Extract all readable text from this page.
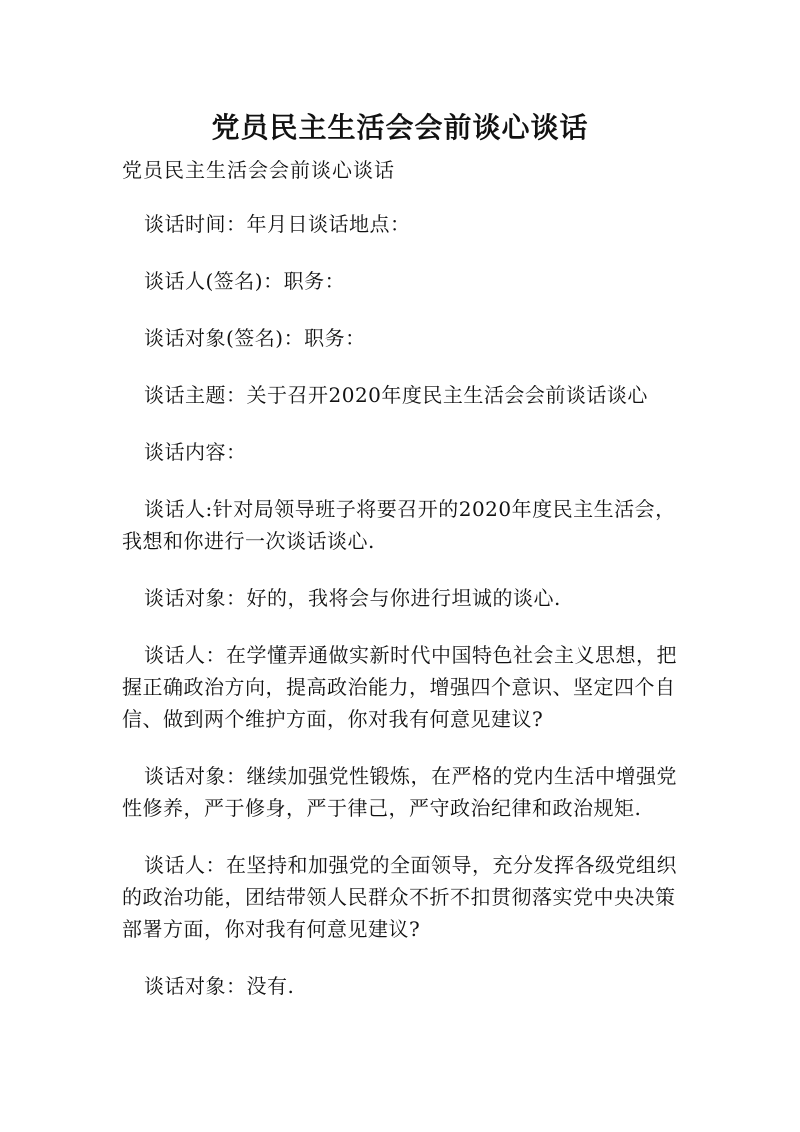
党员民主生活会会前谈心谈话

党员民主生活会会前谈心谈话

谈话时间：年月日谈话地点：

谈话人(签名)：职务：

谈话对象(签名)：职务：

谈话主题：关于召开2020年度民主生活会会前谈话谈心

谈话内容：

谈话人:针对局领导班子将要召开的2020年度民主生活会，我想和你进行一次谈话谈心.

谈话对象：好的，我将会与你进行坦诚的谈心.

谈话人：在学懂弄通做实新时代中国特色社会主义思想，把握正确政治方向，提高政治能力，增强四个意识、坚定四个自信、做到两个维护方面，你对我有何意见建议?

谈话对象：继续加强党性锻炼，在严格的党内生活中增强党性修养，严于修身，严于律己，严守政治纪律和政治规矩.

谈话人：在坚持和加强党的全面领导，充分发挥各级党组织的政治功能，团结带领人民群众不折不扣贯彻落实党中央决策部署方面，你对我有何意见建议?

谈话对象：没有.
